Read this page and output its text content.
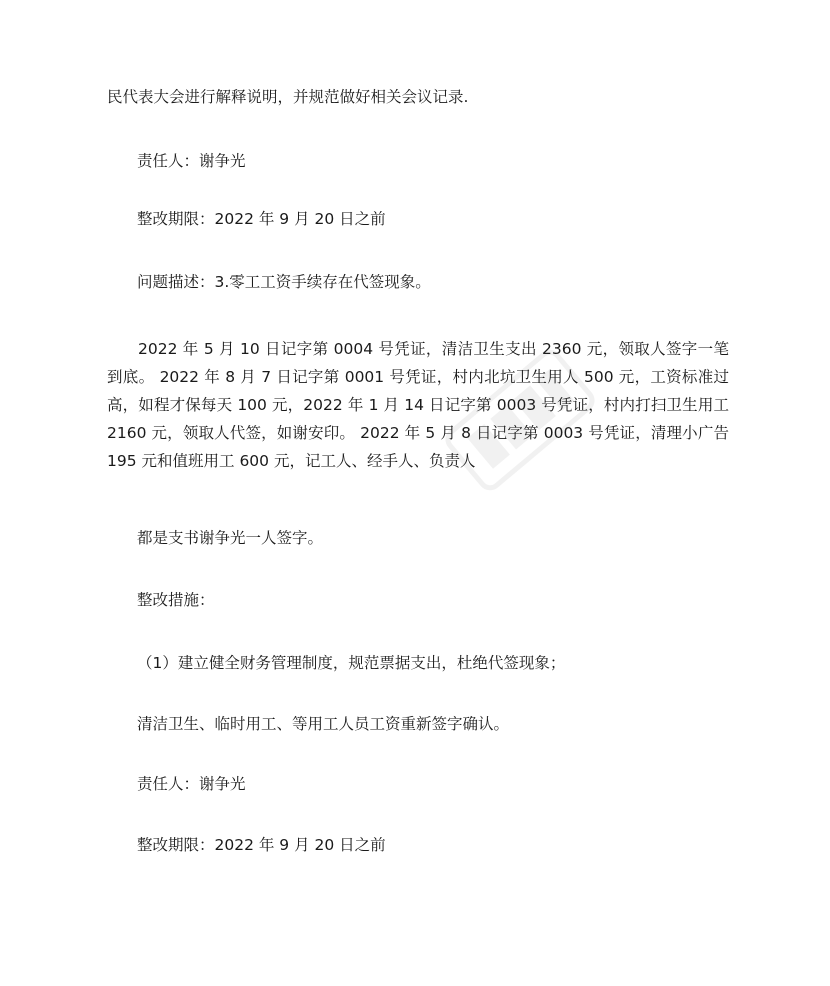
民代表大会进行解释说明，并规范做好相关会议记录.

责任人：谢争光

整改期限：2022 年 9 月 20 日之前

问题描述：3.零工工资手续存在代签现象。

2022 年 5 月 10 日记字第 0004 号凭证，清洁卫生支出 2360 元，领取人签字一笔到底。 2022 年 8 月 7 日记字第 0001 号凭证，村内北坑卫生用人 500 元，工资标准过高，如程才保每天 100 元，2022 年 1 月 14 日记字第 0003 号凭证，村内打扫卫生用工 2160 元，领取人代签，如谢安印。 2022 年 5 月 8 日记字第 0003 号凭证，清理小广告 195 元和值班用工 600 元，记工人、经手人、负责人

都是支书谢争光一人签字。

整改措施：

（1）建立健全财务管理制度，规范票据支出，杜绝代签现象；

清洁卫生、临时用工、等用工人员工资重新签字确认。

责任人：谢争光

整改期限：2022 年 9 月 20 日之前
